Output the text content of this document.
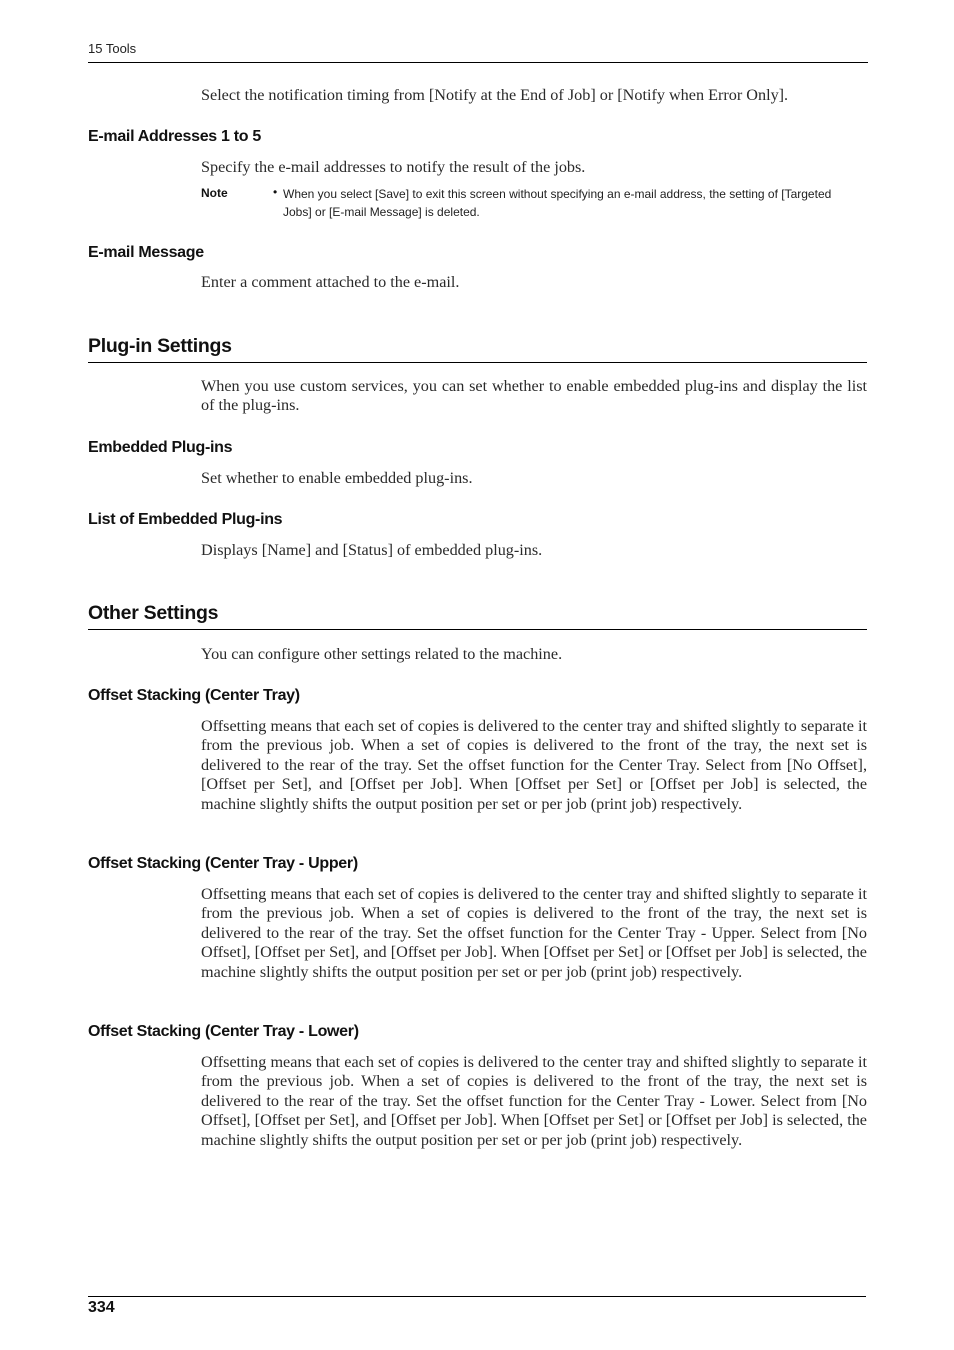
15 Tools
Select the notification timing from [Notify at the End of Job] or [Notify when Error Only].
E-mail Addresses 1 to 5
Specify the e-mail addresses to notify the result of the jobs.
Note	• When you select [Save] to exit this screen without specifying an e-mail address, the setting of [Targeted Jobs] or [E-mail Message] is deleted.
E-mail Message
Enter a comment attached to the e-mail.
Plug-in Settings
When you use custom services, you can set whether to enable embedded plug-ins and display the list of the plug-ins.
Embedded Plug-ins
Set whether to enable embedded plug-ins.
List of Embedded Plug-ins
Displays [Name] and [Status] of embedded plug-ins.
Other Settings
You can configure other settings related to the machine.
Offset Stacking (Center Tray)
Offsetting means that each set of copies is delivered to the center tray and shifted slightly to separate it from the previous job. When a set of copies is delivered to the front of the tray, the next set is delivered to the rear of the tray. Set the offset function for the Center Tray. Select from [No Offset], [Offset per Set], and [Offset per Job]. When [Offset per Set] or [Offset per Job] is selected, the machine slightly shifts the output position per set or per job (print job) respectively.
Offset Stacking (Center Tray - Upper)
Offsetting means that each set of copies is delivered to the center tray and shifted slightly to separate it from the previous job. When a set of copies is delivered to the front of the tray, the next set is delivered to the rear of the tray. Set the offset function for the Center Tray - Upper. Select from [No Offset], [Offset per Set], and [Offset per Job]. When [Offset per Set] or [Offset per Job] is selected, the machine slightly shifts the output position per set or per job (print job) respectively.
Offset Stacking (Center Tray - Lower)
Offsetting means that each set of copies is delivered to the center tray and shifted slightly to separate it from the previous job. When a set of copies is delivered to the front of the tray, the next set is delivered to the rear of the tray. Set the offset function for the Center Tray - Lower. Select from [No Offset], [Offset per Set], and [Offset per Job]. When [Offset per Set] or [Offset per Job] is selected, the machine slightly shifts the output position per set or per job (print job) respectively.
334
